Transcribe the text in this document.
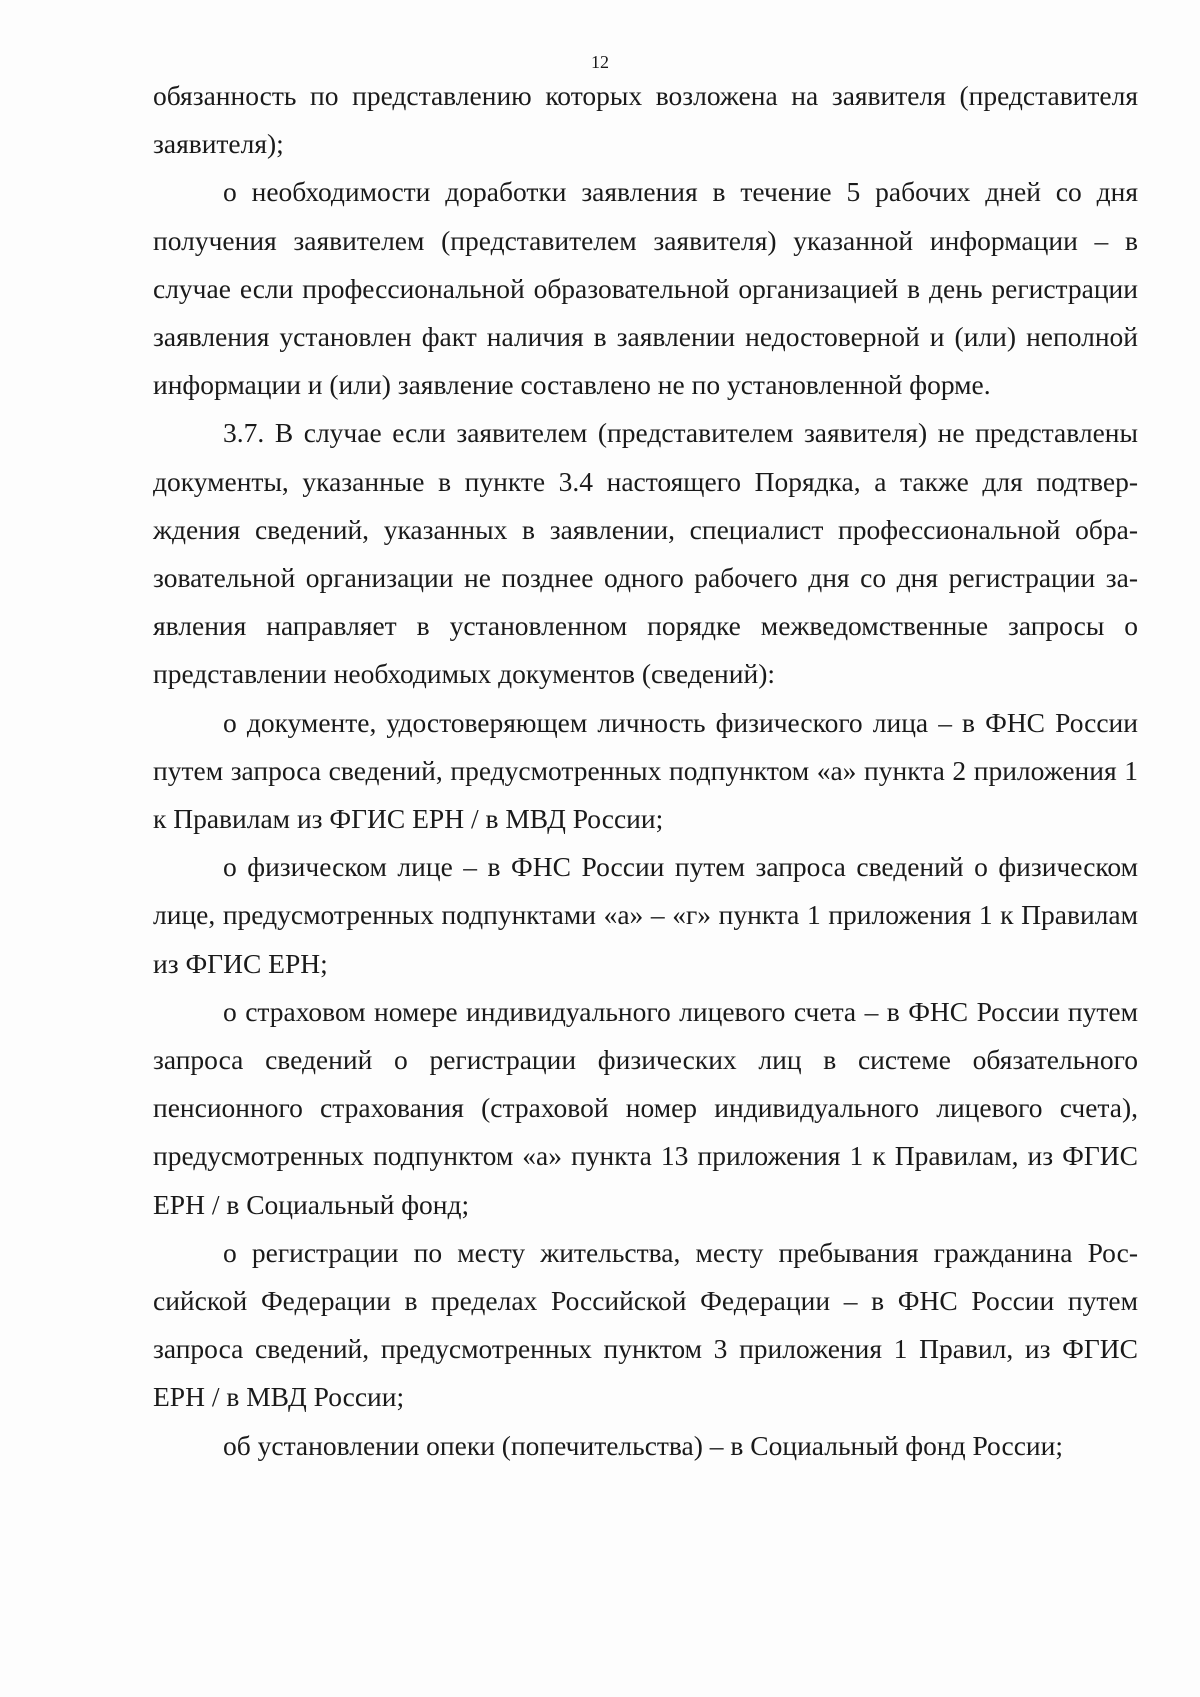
12

обязанность по представлению которых возложена на заявителя (представителя заявителя);

о необходимости доработки заявления в течение 5 рабочих дней со дня получения заявителем (представителем заявителя) указанной информации – в случае если профессиональной образовательной организацией в день регистрации заявления установлен факт наличия в заявлении недостоверной и (или) неполной информации и (или) заявление составлено не по установленной форме.

3.7. В случае если заявителем (представителем заявителя) не представлены документы, указанные в пункте 3.4 настоящего Порядка, а также для подтверждения сведений, указанных в заявлении, специалист профессиональной образовательной организации не позднее одного рабочего дня со дня регистрации заявления направляет в установленном порядке межведомственные запросы о представлении необходимых документов (сведений):

о документе, удостоверяющем личность физического лица – в ФНС России путем запроса сведений, предусмотренных подпунктом «а» пункта 2 приложения 1 к Правилам из ФГИС ЕРН / в МВД России;

о физическом лице – в ФНС России путем запроса сведений о физическом лице, предусмотренных подпунктами «а» – «г» пункта 1 приложения 1 к Правилам из ФГИС ЕРН;

о страховом номере индивидуального лицевого счета – в ФНС России путем запроса сведений о регистрации физических лиц в системе обязательного пенсионного страхования (страховой номер индивидуального лицевого счета), предусмотренных подпунктом «а» пункта 13 приложения 1 к Правилам, из ФГИС ЕРН / в Социальный фонд;

о регистрации по месту жительства, месту пребывания гражданина Российской Федерации в пределах Российской Федерации – в ФНС России путем запроса сведений, предусмотренных пунктом 3 приложения 1 Правил, из ФГИС ЕРН / в МВД России;

об установлении опеки (попечительства) – в Социальный фонд России;
